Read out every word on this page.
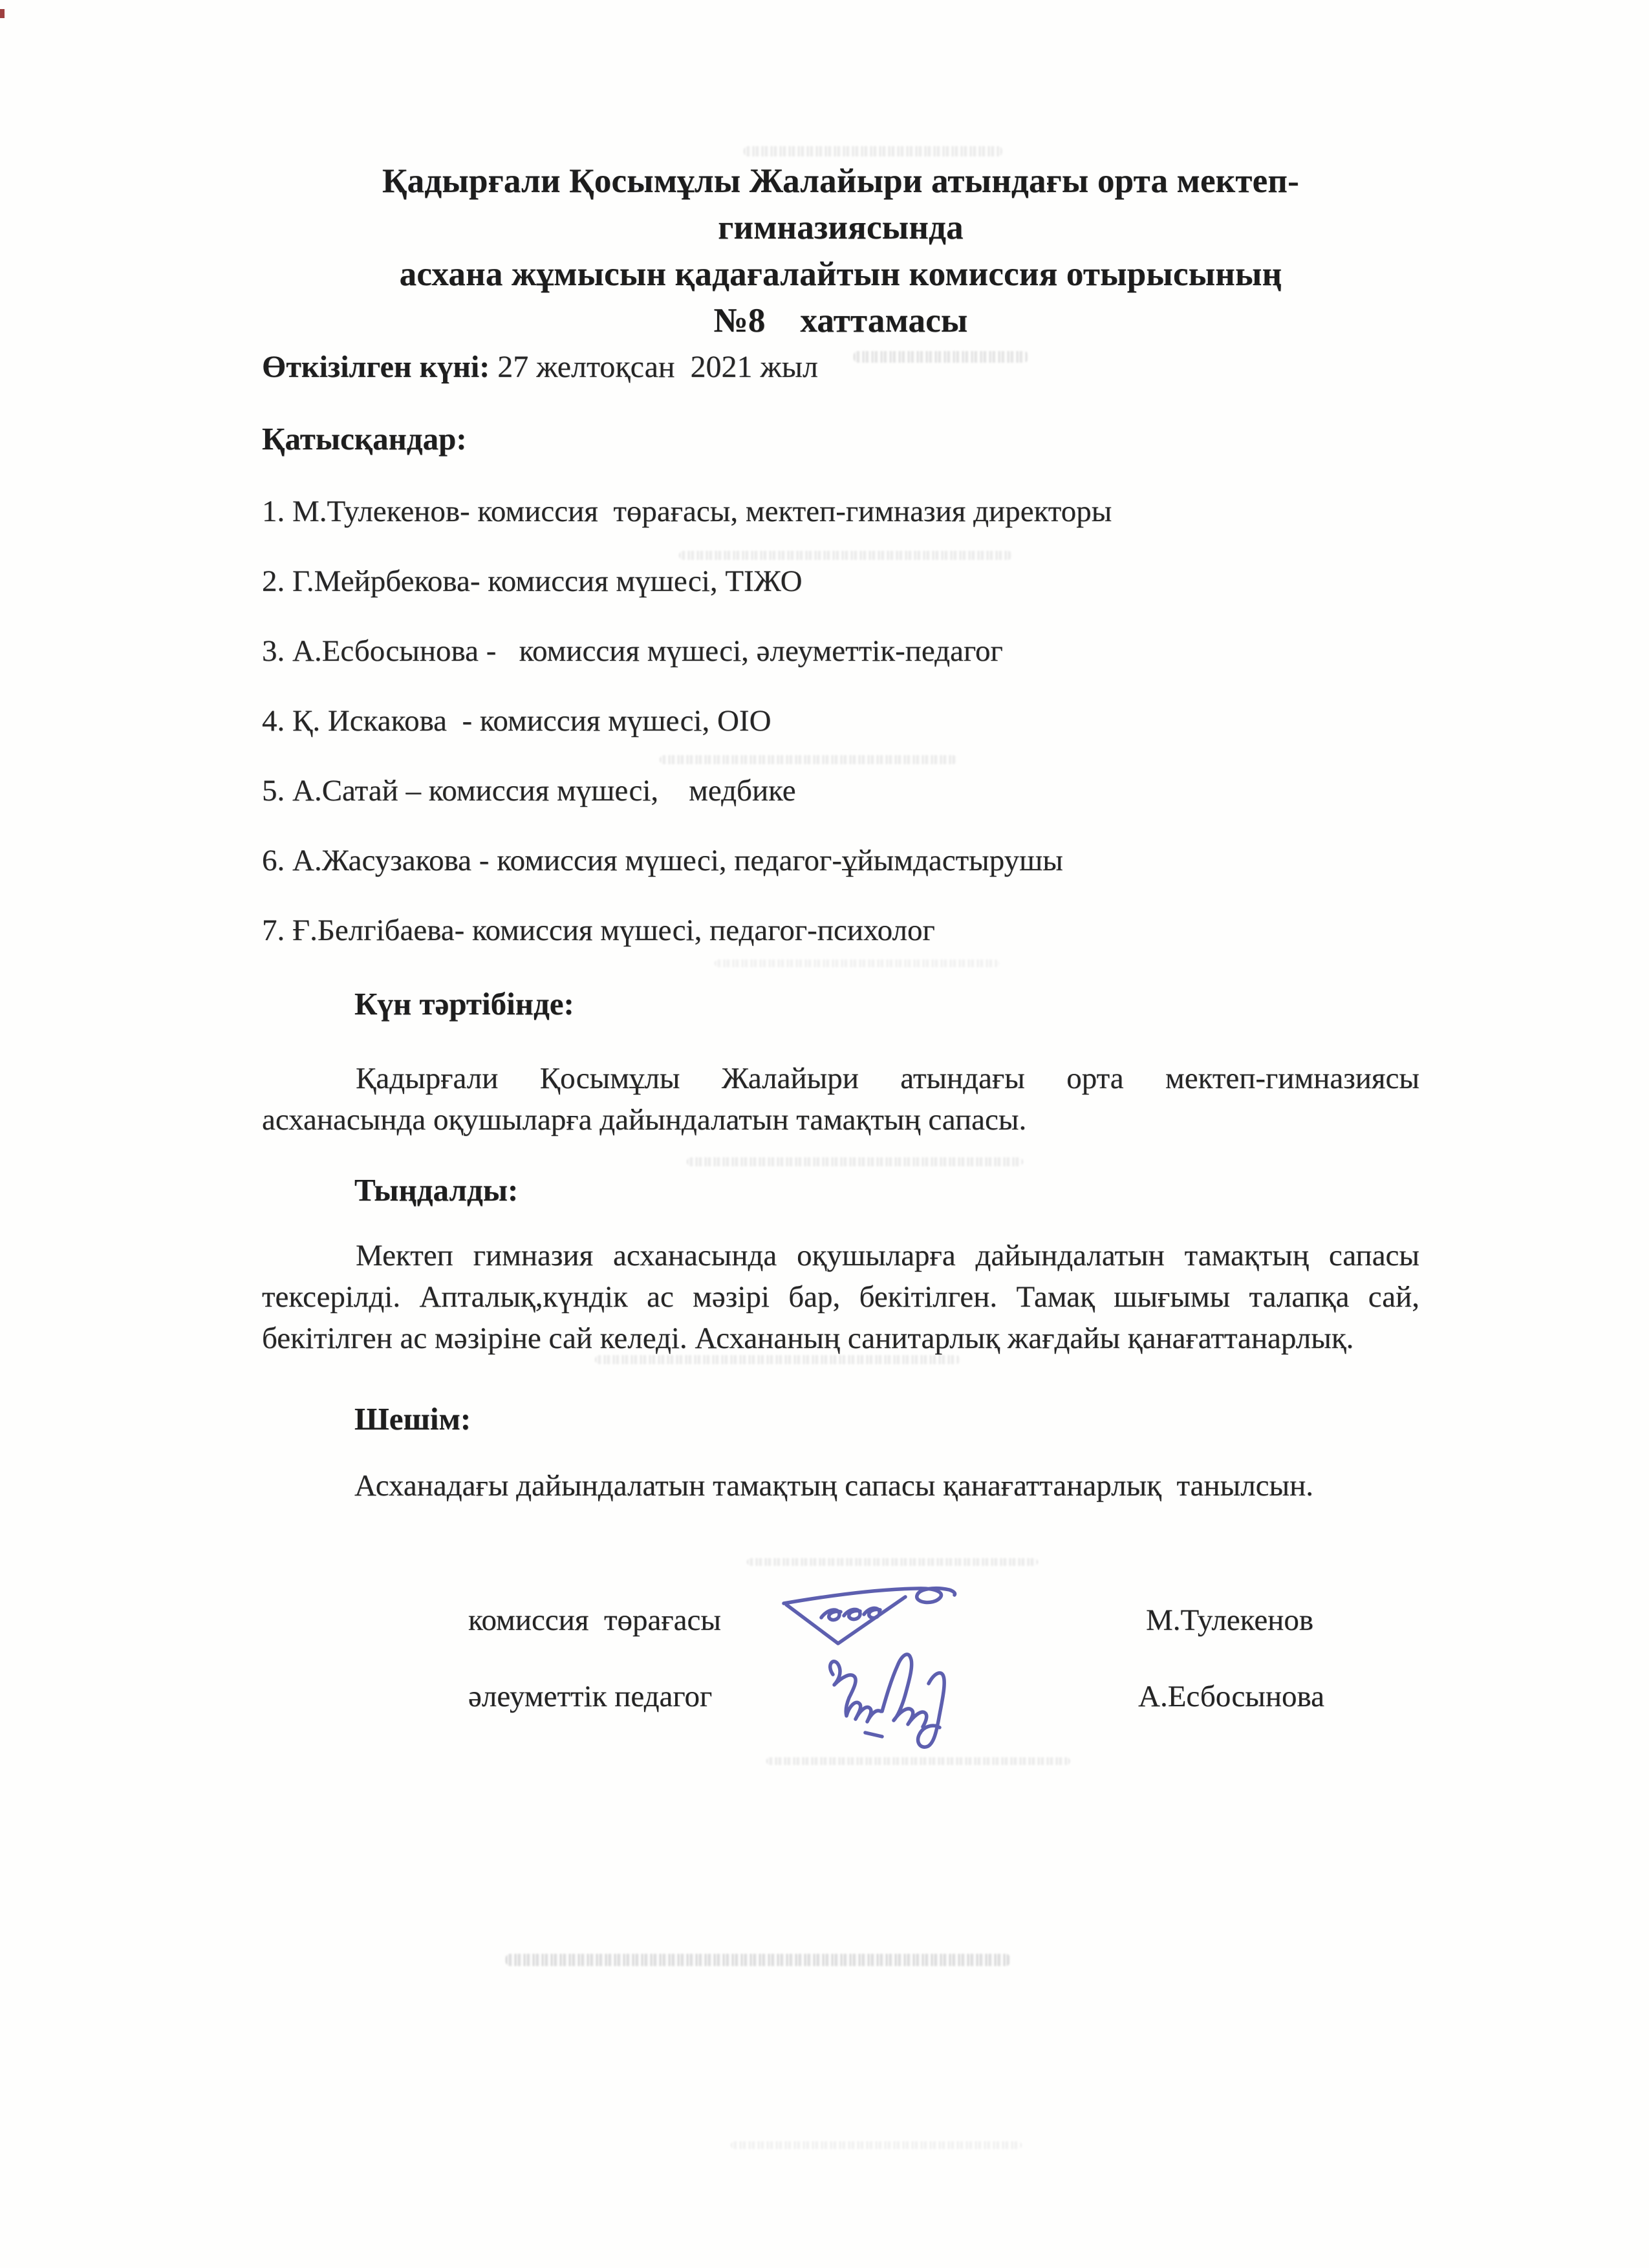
Қадырғали Қосымұлы Жалайыри атындағы орта мектеп-гимназиясында
асхана жұмысын қадағалайтын комиссия отырысының
№8    хаттамасы
Өткізілген күні: 27 желтоқсан  2021 жыл
Қатысқандар:
1. М.Тулекенов- комиссия  төрағасы, мектеп-гимназия директоры
2. Г.Мейрбекова- комиссия мүшесі, ТІЖО
3. А.Есбосынова -   комиссия мүшесі, әлеуметтік-педагог
4. Қ. Искакова  - комиссия мүшесі, ОІО
5. А.Сатай – комиссия мүшесі,    медбике
6. А.Жасузакова - комиссия мүшесі, педагог-ұйымдастырушы
7. Ғ.Белгібаева- комиссия мүшесі, педагог-психолог
Күн тәртібінде:
Қадырғали Қосымұлы Жалайыри атындағы орта мектеп-гимназиясы асханасында оқушыларға дайындалатын тамақтың сапасы.
Тыңдалды:
Мектеп гимназия асханасында оқушыларға дайындалатын тамақтың сапасы тексерілді. Апталық,күндік ас мәзірі бар, бекітілген. Тамақ шығымы талапқа сай, бекітілген ас мәзіріне сай келеді. Асхананың санитарлық жағдайы қанағаттанарлық.
Шешім:
Асханадағы дайындалатын тамақтың сапасы қанағаттанарлық  танылсын.
комиссия  төрағасы	М.Тулекенов
әлеуметтік педагог	А.Есбосынова
